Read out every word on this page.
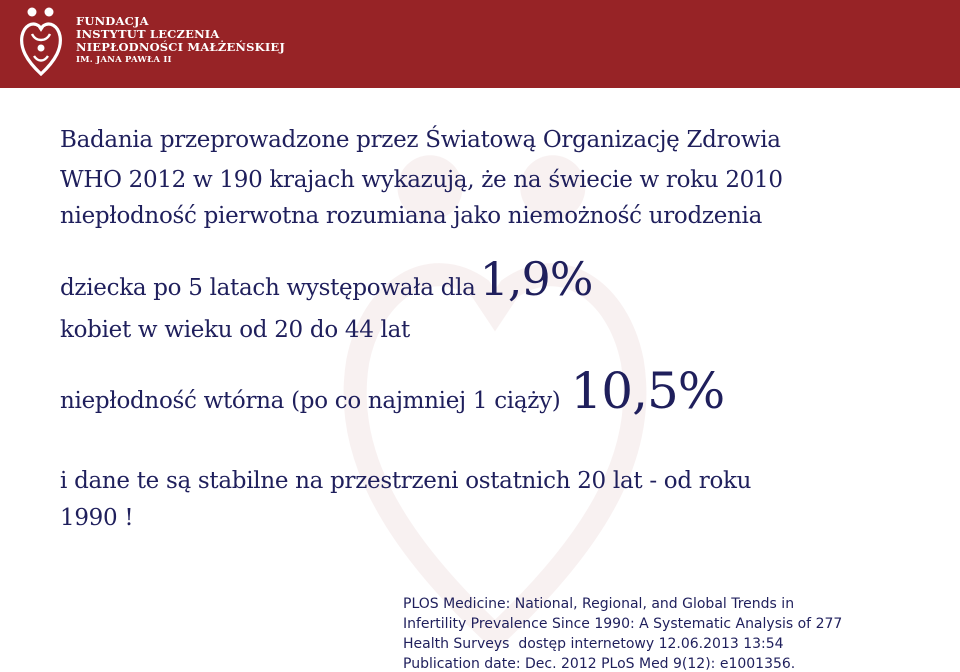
FUNDACJA
INSTYTUT LECZENIA
NIEPŁODNOŚCI MAŁŻEŃSKIEJ
IM. JANA PAWŁA II
Badania przeprowadzone przez Światową Organizację Zdrowia
WHO 2012 w 190 krajach wykazują, że na świecie w roku 2010
niepłodność pierwotna rozumiana jako niemożność urodzenia
dziecka po 5 latach występowała dla1,9%
kobiet w wieku od 20 do 44 lat
niepłodność wtórna (po co najmniej 1 ciąży) 10,5%
i dane te są stabilne na przestrzeni ostatnich 20 lat - od roku
1990 !
PLOS Medicine: National, Regional, and Global Trends in
Infertility Prevalence Since 1990: A Systematic Analysis of 277
Health Surveys  dostęp internetowy 12.06.2013 13:54
Publication date: Dec. 2012 PLoS Med 9(12): e1001356.
